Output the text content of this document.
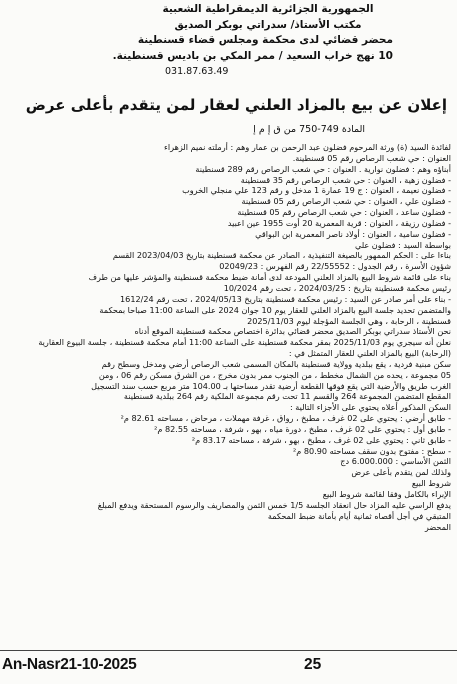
الجمهورية الجزائرية الديمقراطية الشعبية
مكتب الأستاذ/ سدراتي بوبكر الصديق
محضر قضائي لدى محكمة ومجلس قضاء قسنطينة
10 نهج خراب السعيد / ممر المكي بن باديس قسنطينة.
031.87.63.49
إعلان عن بيع بالمزاد العلني لعقار لمن يتقدم بأعلى عرض
المادة 749-750 من ق إ م إ
لفائدة السيد (ة) ورثة المرحوم فضلون عبد الرحمن بن عمار وهم : أرملته نميم الزهراء
العنوان : حي شعب الرصاص رقم 05 قسنطينة.
أبناؤه وهم : فضلون نوارية . العنوان : حي شعب الرصاص رقم 289 قسنطينة
- فضلون زهية ، العنوان : حي شعب الرصاص رقم 35 قسنطينة
- فضلون نعيمة ، العنوان : ج 19 عمارة 1 مدخل و رقم 123 علي منجلي الخروب
- فضلون علي ، العنوان : حي شعب الرصاص رقم 05 قسنطينة
- فضلون ساعد ، العنوان : حي شعب الرصاص رقم 05 قسنطينة
- فضلون رزيقة ، العنوان : قرية المعمرية 20 أوت 1955 عين اعبيد
- فضلون سامية ، العنوان : أولاد ناصر المعمرية ابن البواقي
بواسطة السيد : فضلون علي
بناءا على : الحكم الممهور بالصيغة التنفيذية ، الصادر عن محكمة قسنطينة بتاريخ 2023/04/03 القسم
شؤون الأسرة ، رقم الجدول : 22/55552 رقم الفهرس : 02049/23
بناء على قائمة شروط البيع بالمزاد العلني المودعة لدى أمانة ضبط محكمة قسنطينة والمؤشر عليها من طرف
رئيس محكمة قسنطينة بتاريخ : 2024/03/25 ، تحت رقم 10/2024
- بناء على أمر صادر عن السيد : رئيس محكمة قسنطينة بتاريخ 2024/05/13 ، تحت رقم 1612/24
والمتضمن تحديد جلسة البيع بالمزاد العلني للعقار يوم 10 جوان 2024 على الساعة 11:00 صباحا بمحكمة
قسنطينة ، الرحابة ، وهي الجلسة المؤجلة ليوم 2025/11/03
نحن الأستاذ سدراتي بوبكر الصديق محضر قضائي بدائرة اختصاص محكمة قسنطينة الموقع أدناه
نعلن أنه سيجري يوم 2025/11/03 بمقر محكمة قسنطينة على الساعة 11:00 أمام محكمة قسنطينة ، جلسة البيوع العقارية
(الرحابة) البيع بالمزاد العلني للعقار المتمثل في :
سكن مبنية فردية ، يقع ببلدية وولاية قسنطينة بالمكان المسمى شعب الرصاص أرضي ومدخل وسطح رقم
05 مجموعة ، يحده من الشمال مخطط ، من الجنوب ممر بدون مخرج ، من الشرق مسكن رقم 06 ، ومن
الغرب طريق والأرضية التي يقع فوقها القطعة أرضية تقدر مساحتها بـ 104.00 متر مربع حسب سند التسجيل
المقطع المتضمن المجموعة 264 والقسم 11 تحت رقم مجموعة الملكية رقم 264 ببلدية قسنطينة
السكن المذكور أعلاه يحتوي على الأجزاء التالية :
- طابق أرضي : يحتوي على 02 غرف ، مطبخ ، رواق ، غرفة مهملات ، مرحاض ، مساحته 82.61 م²
- طابق أول : يحتوي على 02 غرف ، مطبخ ، دورة مياه ، بهو ، شرفة ، مساحته 82.55 م²
- طابق ثاني : يحتوي على 02 غرف ، مطبخ ، بهو ، شرفة ، مساحته 83.17 م²
- سطح : مفتوح بدون سقف مساحته 80.90 م²
الثمن الأساسي : 6.000.000 دج
ولذلك لمن يتقدم بأعلى عرض
شروط البيع
الإبراء بالكامل وفقا لقائمة شروط البيع
يدفع الراسي عليه المزاد حال انعقاد الجلسة 1/5 خمس الثمن والمصاريف والرسوم المستحقة ويدفع المبلغ
المتبقي في أجل أقصاه ثمانية أيام بأمانة ضبط المحكمة
المحضر
An-Nasr21-10-2025	25
